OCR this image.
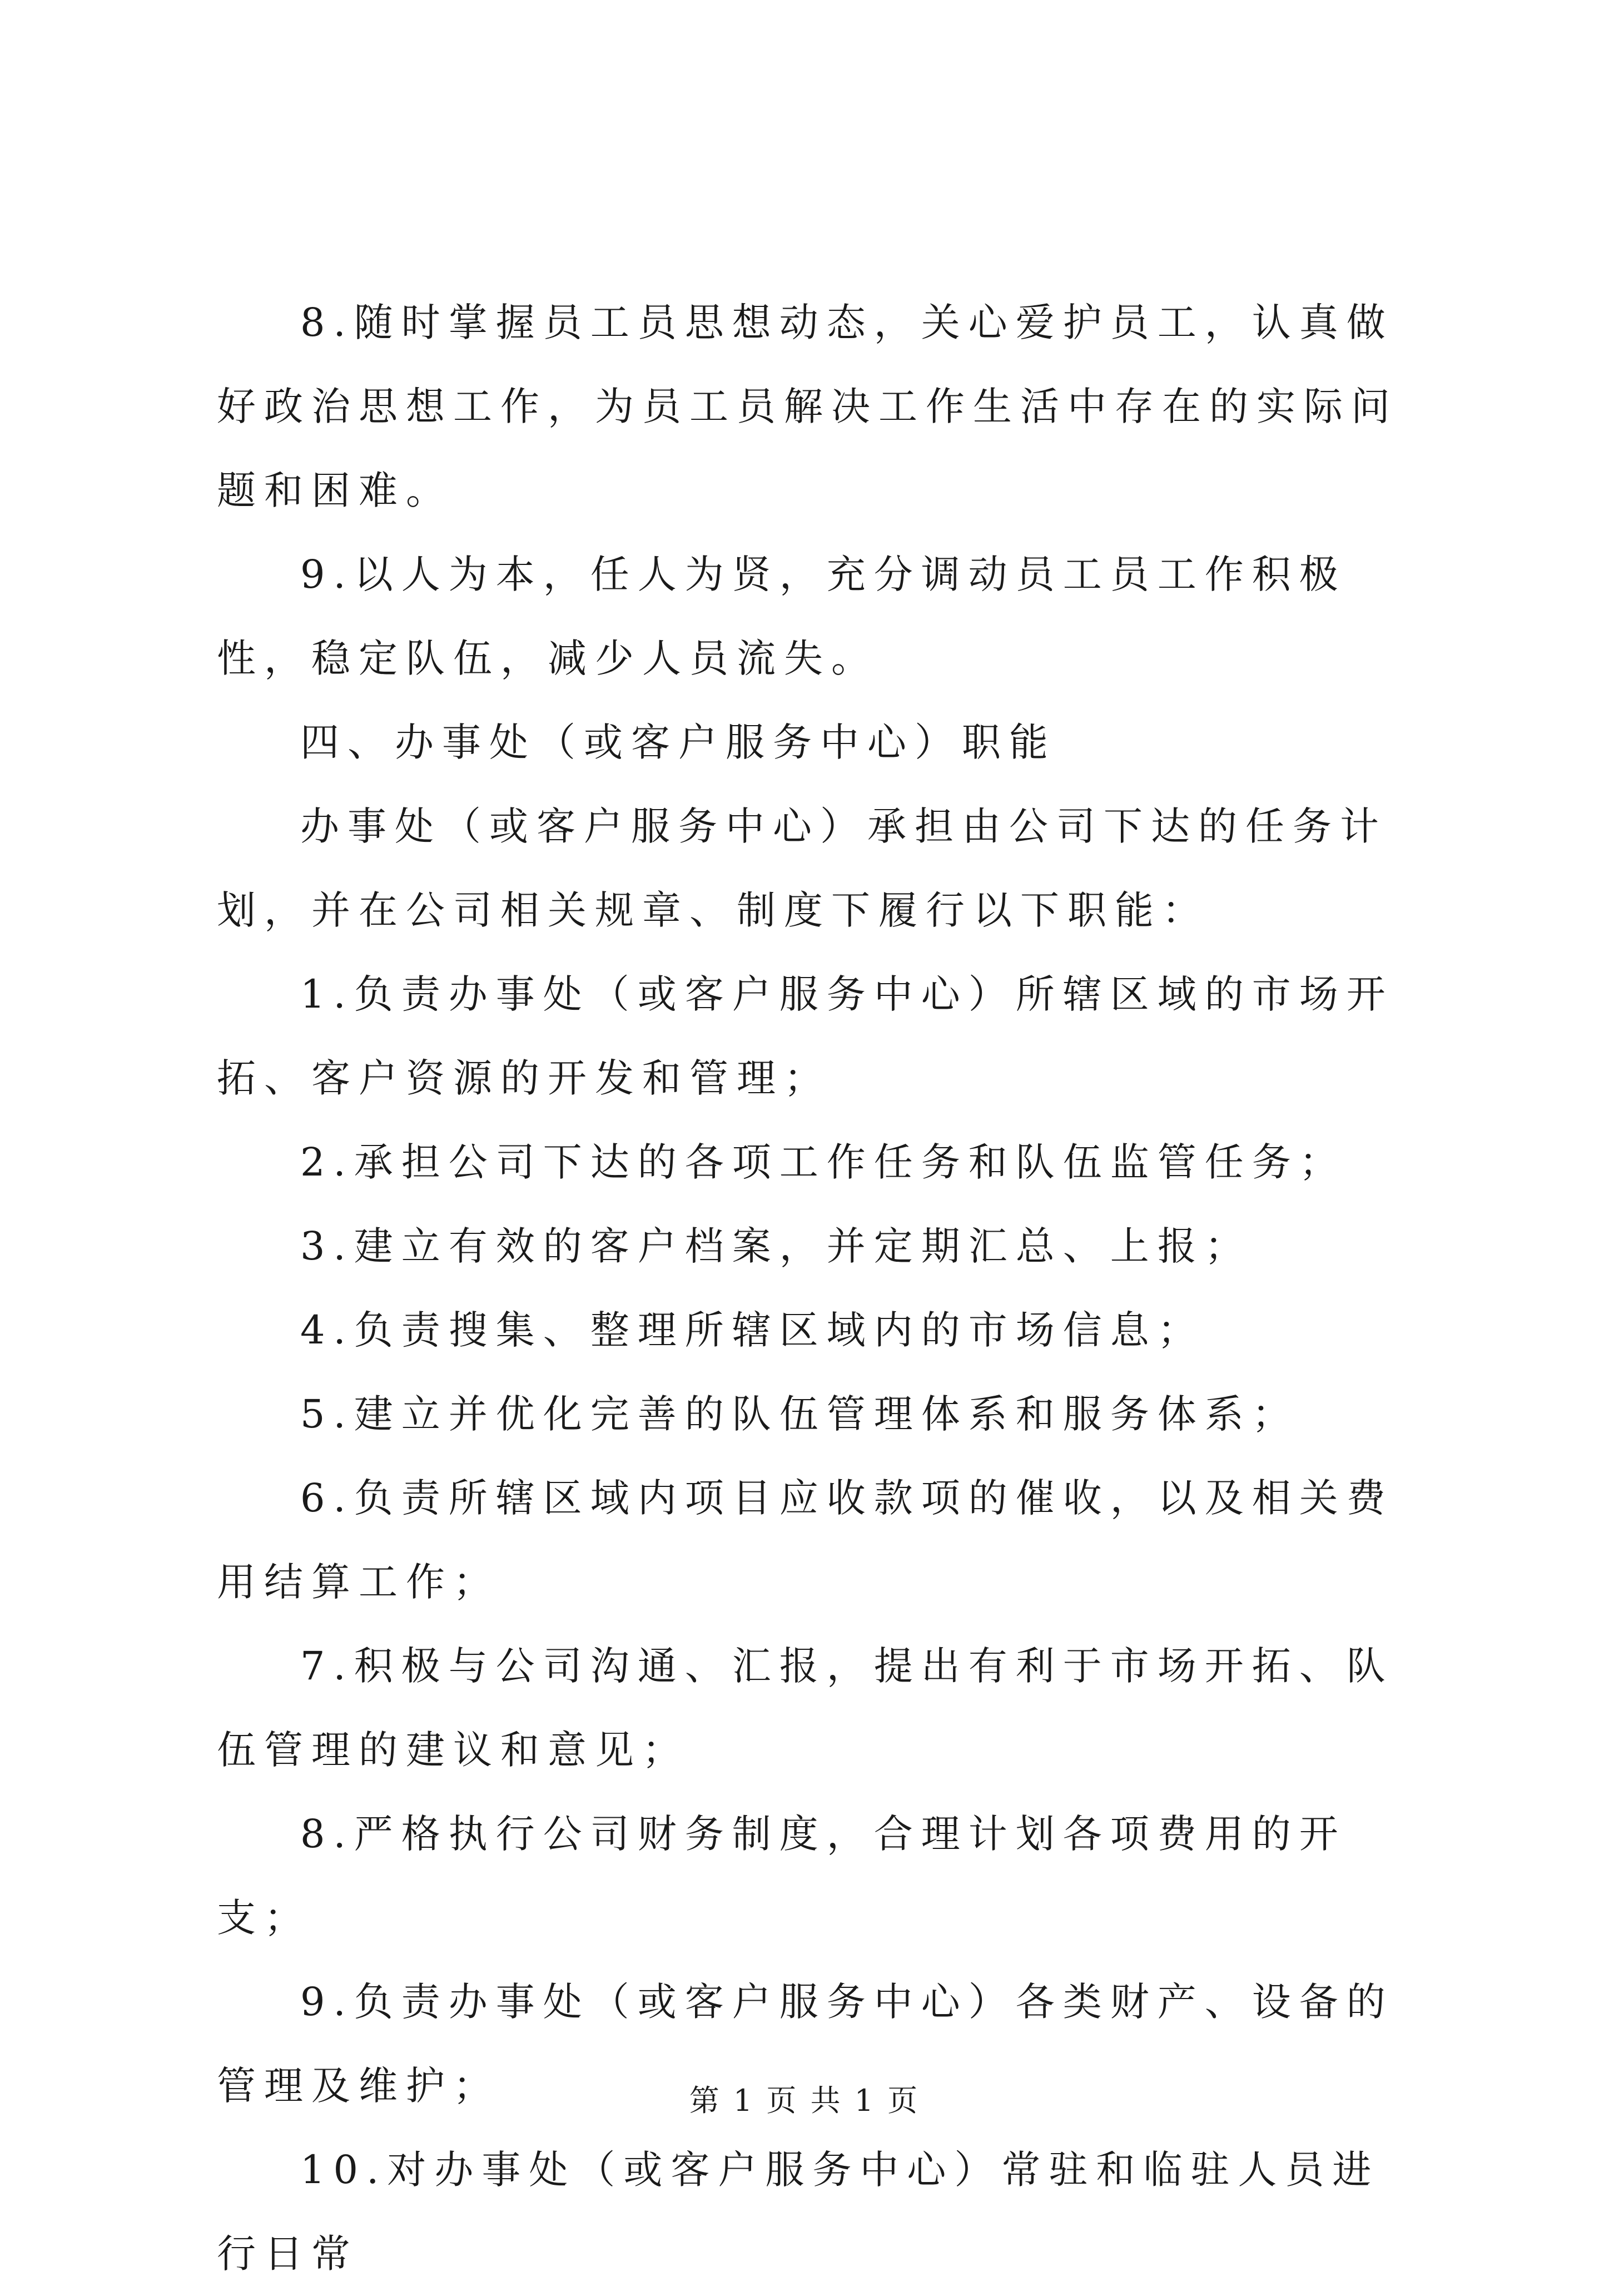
8.随时掌握员工员思想动态，关心爱护员工，认真做好政治思想工作，为员工员解决工作生活中存在的实际问题和困难。

9.以人为本，任人为贤，充分调动员工员工作积极性，稳定队伍，减少人员流失。

四、办事处（或客户服务中心）职能

办事处（或客户服务中心）承担由公司下达的任务计划，并在公司相关规章、制度下履行以下职能：

1.负责办事处（或客户服务中心）所辖区域的市场开拓、客户资源的开发和管理；

2.承担公司下达的各项工作任务和队伍监管任务；

3.建立有效的客户档案，并定期汇总、上报；

4.负责搜集、整理所辖区域内的市场信息；

5.建立并优化完善的队伍管理体系和服务体系；

6.负责所辖区域内项目应收款项的催收，以及相关费用结算工作；

7.积极与公司沟通、汇报，提出有利于市场开拓、队伍管理的建议和意见；

8.严格执行公司财务制度，合理计划各项费用的开支；

9.负责办事处（或客户服务中心）各类财产、设备的管理及维护；

10.对办事处（或客户服务中心）常驻和临驻人员进行日常

第 1 页 共 1 页
